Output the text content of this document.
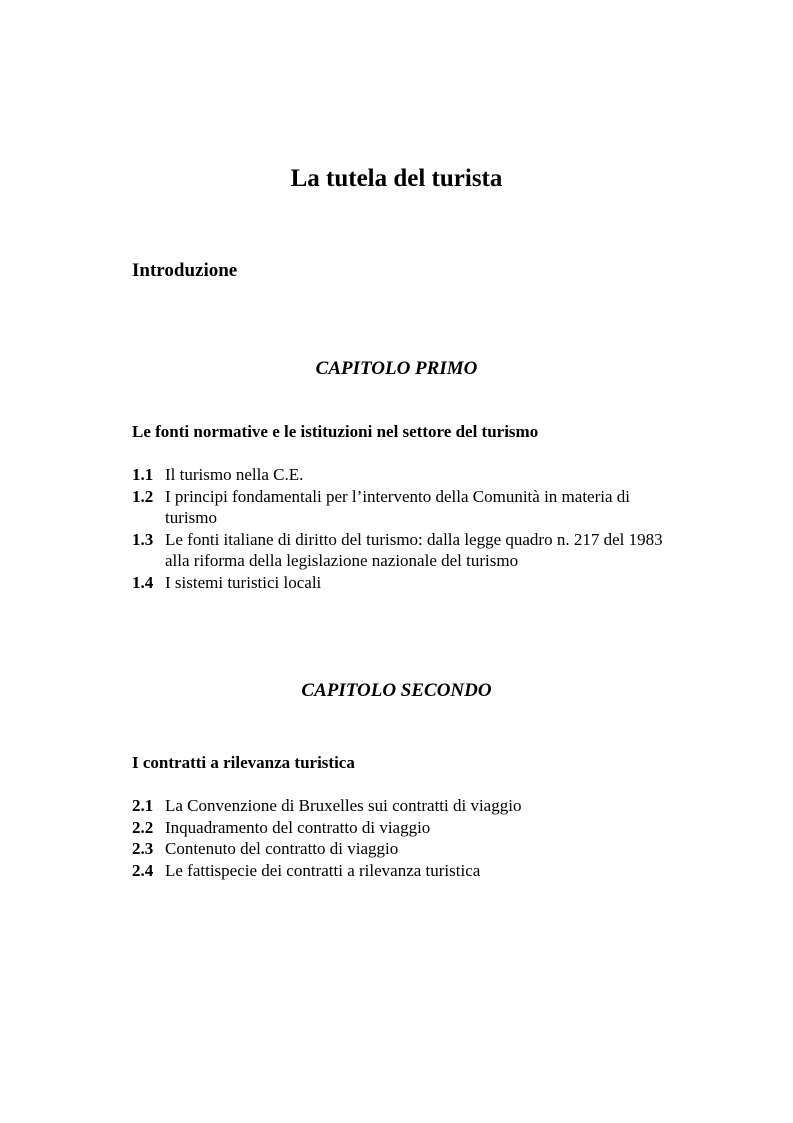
La tutela del turista
Introduzione
CAPITOLO PRIMO
Le fonti normative e le istituzioni nel settore del turismo
1.1 Il turismo nella C.E.
1.2 I principi fondamentali per l’intervento della Comunità in materia di turismo
1.3 Le fonti italiane di diritto del turismo: dalla legge quadro n. 217 del 1983 alla riforma della legislazione nazionale del turismo
1.4 I sistemi turistici locali
CAPITOLO SECONDO
I contratti a rilevanza turistica
2.1 La Convenzione di Bruxelles sui contratti di viaggio
2.2 Inquadramento del contratto di viaggio
2.3 Contenuto del contratto di viaggio
2.4 Le fattispecie dei contratti a rilevanza turistica
